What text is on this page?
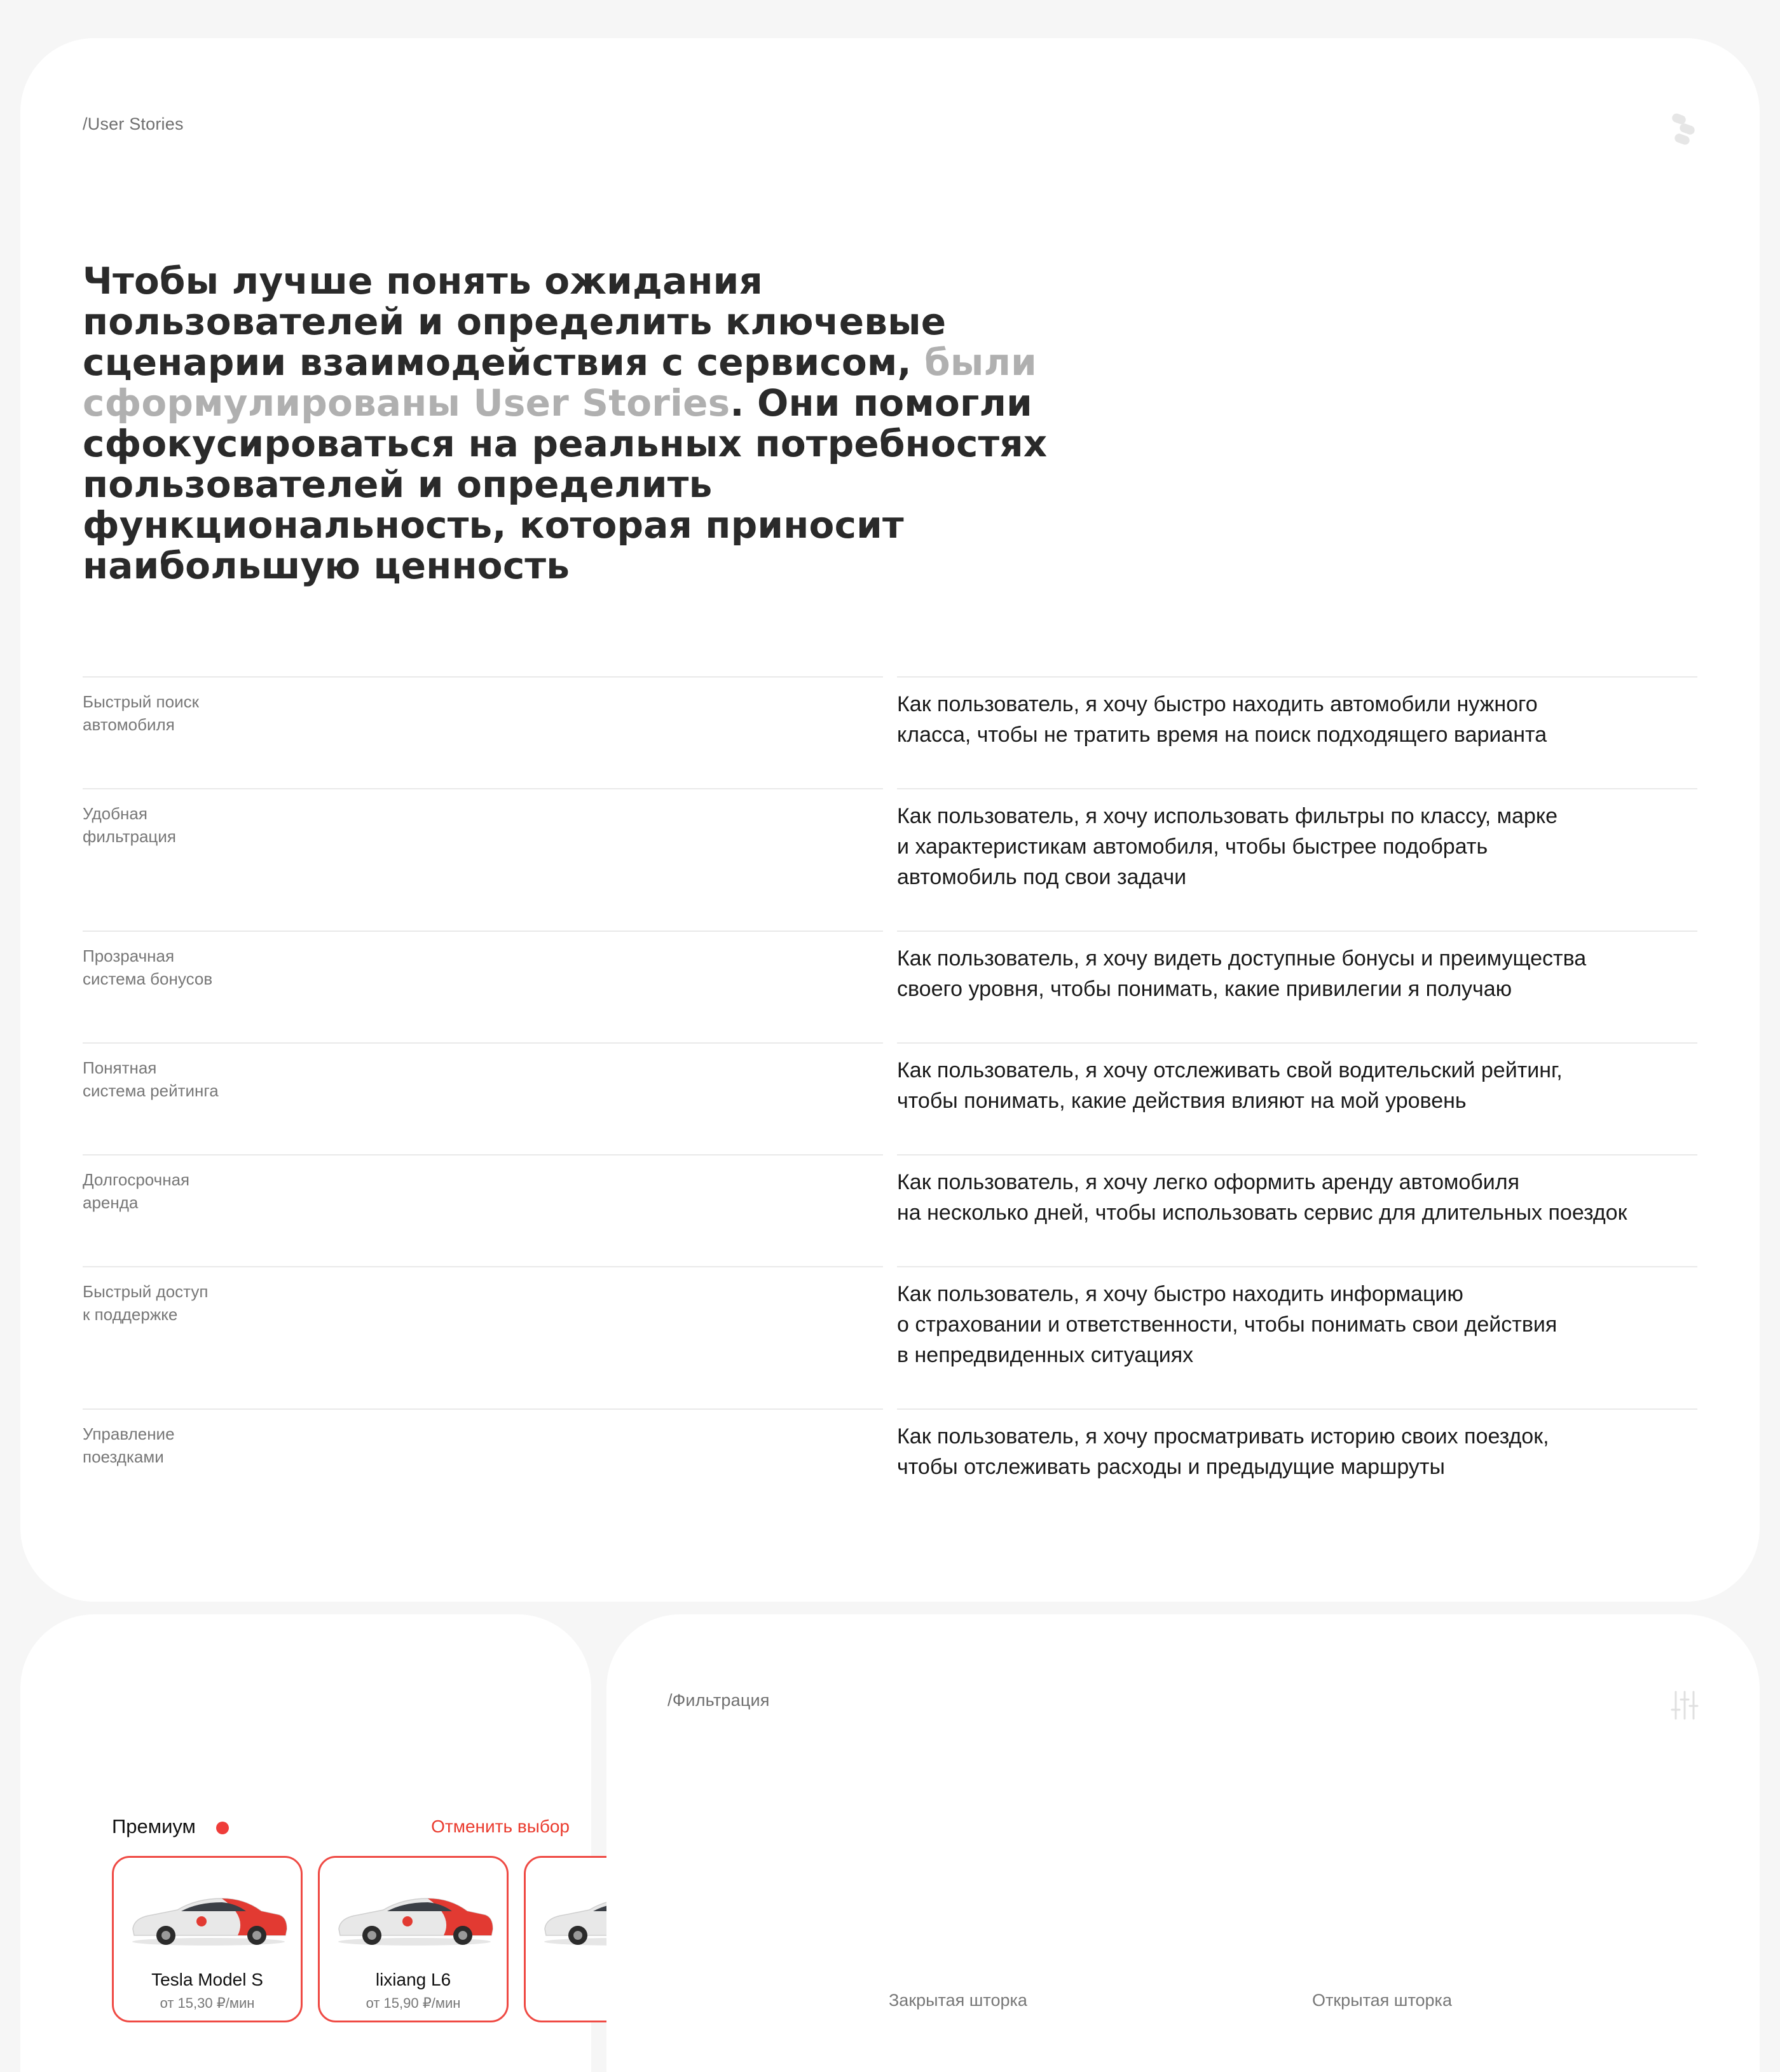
/User Stories
Чтобы лучше понять ожидания пользователей и определить ключевые сценарии взаимодействия с сервисом, были сформулированы User Stories. Они помогли сфокусироваться на реальных потребностях пользователей и определить функциональность, которая приносит наибольшую ценность
Быстрый поиск
автомобиля
Как пользователь, я хочу быстро находить автомобили нужного
класса, чтобы не тратить время на поиск подходящего варианта
Удобная
фильтрация
Как пользователь, я хочу использовать фильтры по классу, марке
и характеристикам автомобиля, чтобы быстрее подобрать
автомобиль под свои задачи
Прозрачная
система бонусов
Как пользователь, я хочу видеть доступные бонусы и преимущества
своего уровня, чтобы понимать, какие привилегии я получаю
Понятная
система рейтинга
Как пользователь, я хочу отслеживать свой водительский рейтинг,
чтобы понимать, какие действия влияют на мой уровень
Долгосрочная
аренда
Как пользователь, я хочу легко оформить аренду автомобиля
на несколько дней, чтобы использовать сервис для длительных поездок
Быстрый доступ
к поддержке
Как пользователь, я хочу быстро находить информацию
о страховании и ответственности, чтобы понимать свои действия
в непредвиденных ситуациях
Управление
поездками
Как пользователь, я хочу просматривать историю своих поездок,
чтобы отслеживать расходы и предыдущие маршруты
Премиум	Отменить выбор
Tesla Model S
от 15,30 ₽/мин
lixiang L6
от 15,90 ₽/мин
/Фильтрация
Закрытая шторка	Открытая шторка
